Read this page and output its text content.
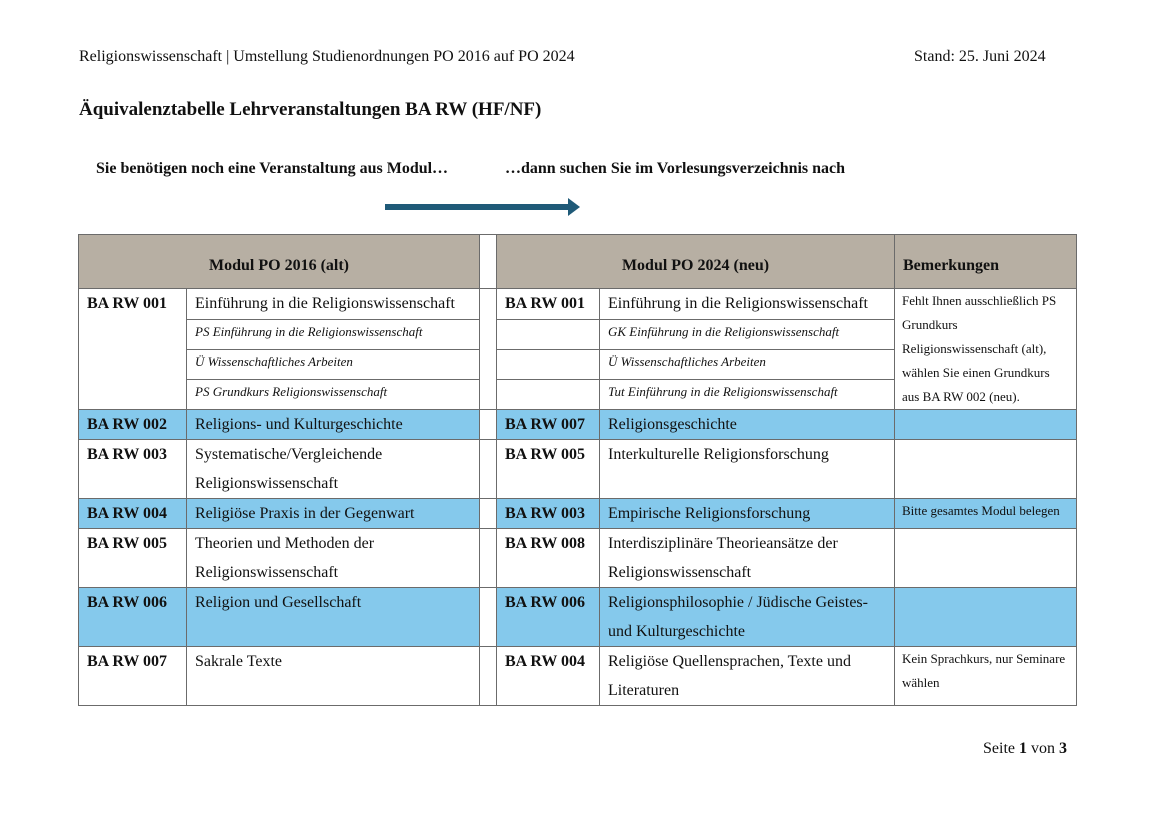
Religionswissenschaft | Umstellung Studienordnungen PO 2016 auf PO 2024	Stand: 25. Juni 2024
Äquivalenztabelle Lehrveranstaltungen BA RW (HF/NF)
Sie benötigen noch eine Veranstaltung aus Modul…	…dann suchen Sie im Vorlesungsverzeichnis nach
Modul PO 2016 (alt)			Modul PO 2024 (neu)		Bemerkungen
BA RW 001	Einführung in die Religionswissenschaft		BA RW 001	Einführung in die Religionswissenschaft	Fehlt Ihnen ausschließlich PS Grundkurs Religionswissenschaft (alt), wählen Sie einen Grundkurs aus BA RW 002 (neu).
	PS Einführung in die Religionswissenschaft			GK Einführung in die Religionswissenschaft	
	Ü Wissenschaftliches Arbeiten			Ü Wissenschaftliches Arbeiten	
	PS Grundkurs Religionswissenschaft			Tut Einführung in die Religionswissenschaft	
BA RW 002	Religions- und Kulturgeschichte		BA RW 007	Religionsgeschichte	
BA RW 003	Systematische/Vergleichende Religionswissenschaft		BA RW 005	Interkulturelle Religionsforschung	
BA RW 004	Religiöse Praxis in der Gegenwart		BA RW 003	Empirische Religionsforschung	Bitte gesamtes Modul belegen
BA RW 005	Theorien und Methoden der Religionswissenschaft		BA RW 008	Interdisziplinäre Theorieansätze der Religionswissenschaft	
BA RW 006	Religion und Gesellschaft		BA RW 006	Religionsphilosophie / Jüdische Geistes- und Kulturgeschichte	
BA RW 007	Sakrale Texte		BA RW 004	Religiöse Quellensprachen, Texte und Literaturen	Kein Sprachkurs, nur Seminare wählen
Seite 1 von 3
